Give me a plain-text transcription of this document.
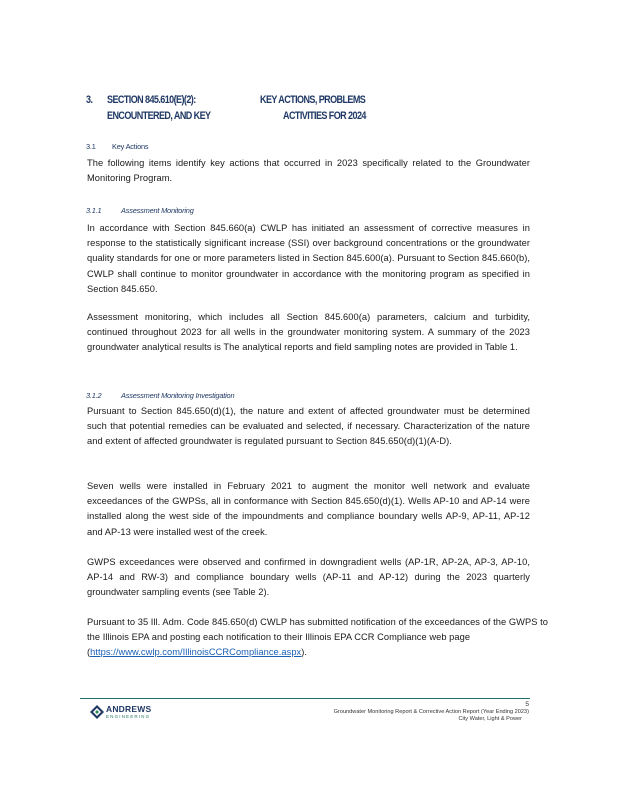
3. SECTION 845.610(E)(2):
ENCOUNTERED, AND KEY
KEY ACTIONS, PROBLEMS
ACTIVITIES FOR 2024
3.1 Key Actions

The following items identify key actions that occurred in 2023 specifically related to the Groundwater Monitoring Program.

3.1.1	Assessment Monitoring

In accordance with Section 845.660(a) CWLP has initiated an assessment of corrective measures in response to the statistically significant increase (SSI) over background concentrations or the groundwater quality standards for one or more parameters listed in Section 845.600(a). Pursuant to Section 845.660(b), CWLP shall continue to monitor groundwater in accordance with the monitoring program as specified in Section 845.650.

Assessment monitoring, which includes all Section 845.600(a) parameters, calcium and turbidity, continued throughout 2023 for all wells in the groundwater monitoring system. A summary of the 2023 groundwater analytical results is The analytical reports and field sampling notes are provided in Table 1.

3.1.2	Assessment Monitoring Investigation

Pursuant to Section 845.650(d)(1), the nature and extent of affected groundwater must be determined such that potential remedies can be evaluated and selected, if necessary. Characterization of the nature and extent of affected groundwater is regulated pursuant to Section 845.650(d)(1)(A-D).

Seven wells were installed in February 2021 to augment the monitor well network and evaluate exceedances of the GWPSs, all in conformance with Section 845.650(d)(1). Wells AP-10 and AP-14 were installed along the west side of the impoundments and compliance boundary wells AP-9, AP-11, AP-12 and AP-13 were installed west of the creek.

GWPS exceedances were observed and confirmed in downgradient wells (AP-1R, AP-2A, AP-3, AP-10, AP-14 and RW-3) and compliance boundary wells (AP-11 and AP-12) during the 2023 quarterly groundwater sampling events (see Table 2).

Pursuant to 35 Ill. Adm. Code 845.650(d) CWLP has submitted notification of the exceedances of the GWPS to the Illinois EPA and posting each notification to their Illinois EPA CCR Compliance web page (https://www.cwlp.com/IllinoisCCRCompliance.aspx).

ANDREWS
ENGINEERING
5
Groundwater Monitoring Report & Corrective Action Report (Year Ending 2023)
City Water, Light & Power
